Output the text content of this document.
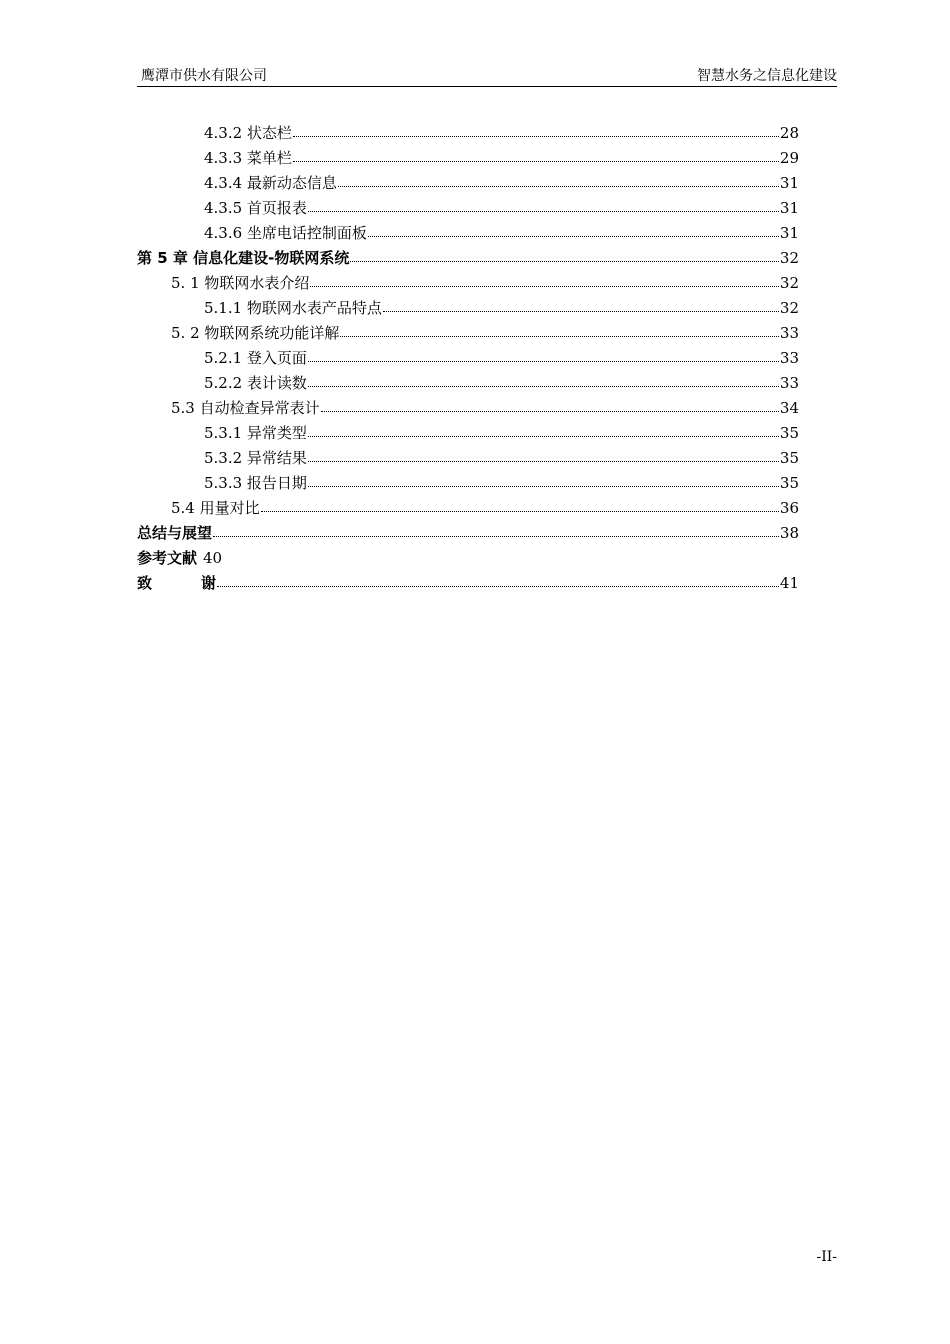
鹰潭市供水有限公司	智慧水务之信息化建设
4.3.2 状态栏	28
4.3.3 菜单栏	29
4.3.4 最新动态信息	31
4.3.5 首页报表	31
4.3.6 坐席电话控制面板	31
第 5 章 信息化建设-物联网系统	32
5. 1 物联网水表介绍	32
5.1.1 物联网水表产品特点	32
5. 2 物联网系统功能详解	33
5.2.1 登入页面	33
5.2.2 表计读数	33
5.3 自动检查异常表计	34
5.3.1 异常类型	35
5.3.2 异常结果	35
5.3.3 报告日期	35
5.4 用量对比	36
总结与展望	38
参考文献 40
致	谢	41
-II-
